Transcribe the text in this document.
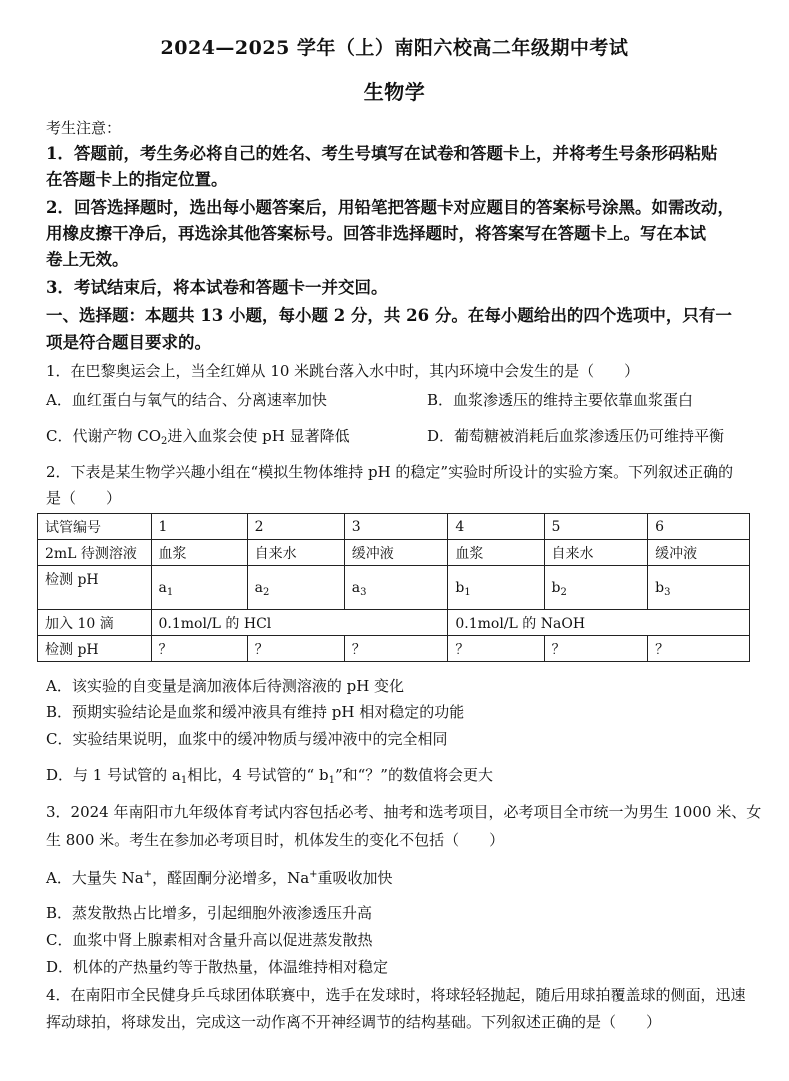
2024—2025 学年（上）南阳六校高二年级期中考试
生物学
考生注意：
1．答题前，考生务必将自己的姓名、考生号填写在试卷和答题卡上，并将考生号条形码粘贴
在答题卡上的指定位置。
2．回答选择题时，选出每小题答案后，用铅笔把答题卡对应题目的答案标号涂黑。如需改动，
用橡皮擦干净后，再选涂其他答案标号。回答非选择题时，将答案写在答题卡上。写在本试
卷上无效。
3．考试结束后，将本试卷和答题卡一并交回。
一、选择题：本题共 13 小题，每小题 2 分，共 26 分。在每小题给出的四个选项中，只有一
项是符合题目要求的。
1．在巴黎奥运会上，当全红婵从 10 米跳台落入水中时，其内环境中会发生的是（　　）
A．血红蛋白与氧气的结合、分离速率加快	B．血浆渗透压的维持主要依靠血浆蛋白
C．代谢产物 $CO_2$进入血浆会使 pH 显著降低	D．葡萄糖被消耗后血浆渗透压仍可维持平衡
2．下表是某生物学兴趣小组在“模拟生物体维持 pH 的稳定”实验时所设计的实验方案。下列叙述正确的
是（　　）
试管编号	1	2	3	4	5	6
2mL 待测溶液	血浆	自来水	缓冲液	血浆	自来水	缓冲液
检测 pH	$a_1$	$a_2$	$a_3$	$b_1$	$b_2$	$b_3$
加入 10 滴	0.1mol/L 的 HCl			0.1mol/L 的 NaOH		
检测 pH	？	？	？	？	？	？
A．该实验的自变量是滴加液体后待测溶液的 pH 变化
B．预期实验结论是血浆和缓冲液具有维持 pH 相对稳定的功能
C．实验结果说明，血浆中的缓冲物质与缓冲液中的完全相同
D．与 1 号试管的 $a_1$相比，4 号试管的“ $b_1$”和“？”的数值将会更大
3．2024 年南阳市九年级体育考试内容包括必考、抽考和选考项目，必考项目全市统一为男生 1000 米、女
生 800 米。考生在参加必考项目时，机体发生的变化不包括（　　）
A．大量失 Na+，醛固酮分泌增多，Na+重吸收加快
B．蒸发散热占比增多，引起细胞外液渗透压升高
C．血浆中肾上腺素相对含量升高以促进蒸发散热
D．机体的产热量约等于散热量，体温维持相对稳定
4．在南阳市全民健身乒乓球团体联赛中，选手在发球时，将球轻轻抛起，随后用球拍覆盖球的侧面，迅速
挥动球拍，将球发出，完成这一动作离不开神经调节的结构基础。下列叙述正确的是（　　）
